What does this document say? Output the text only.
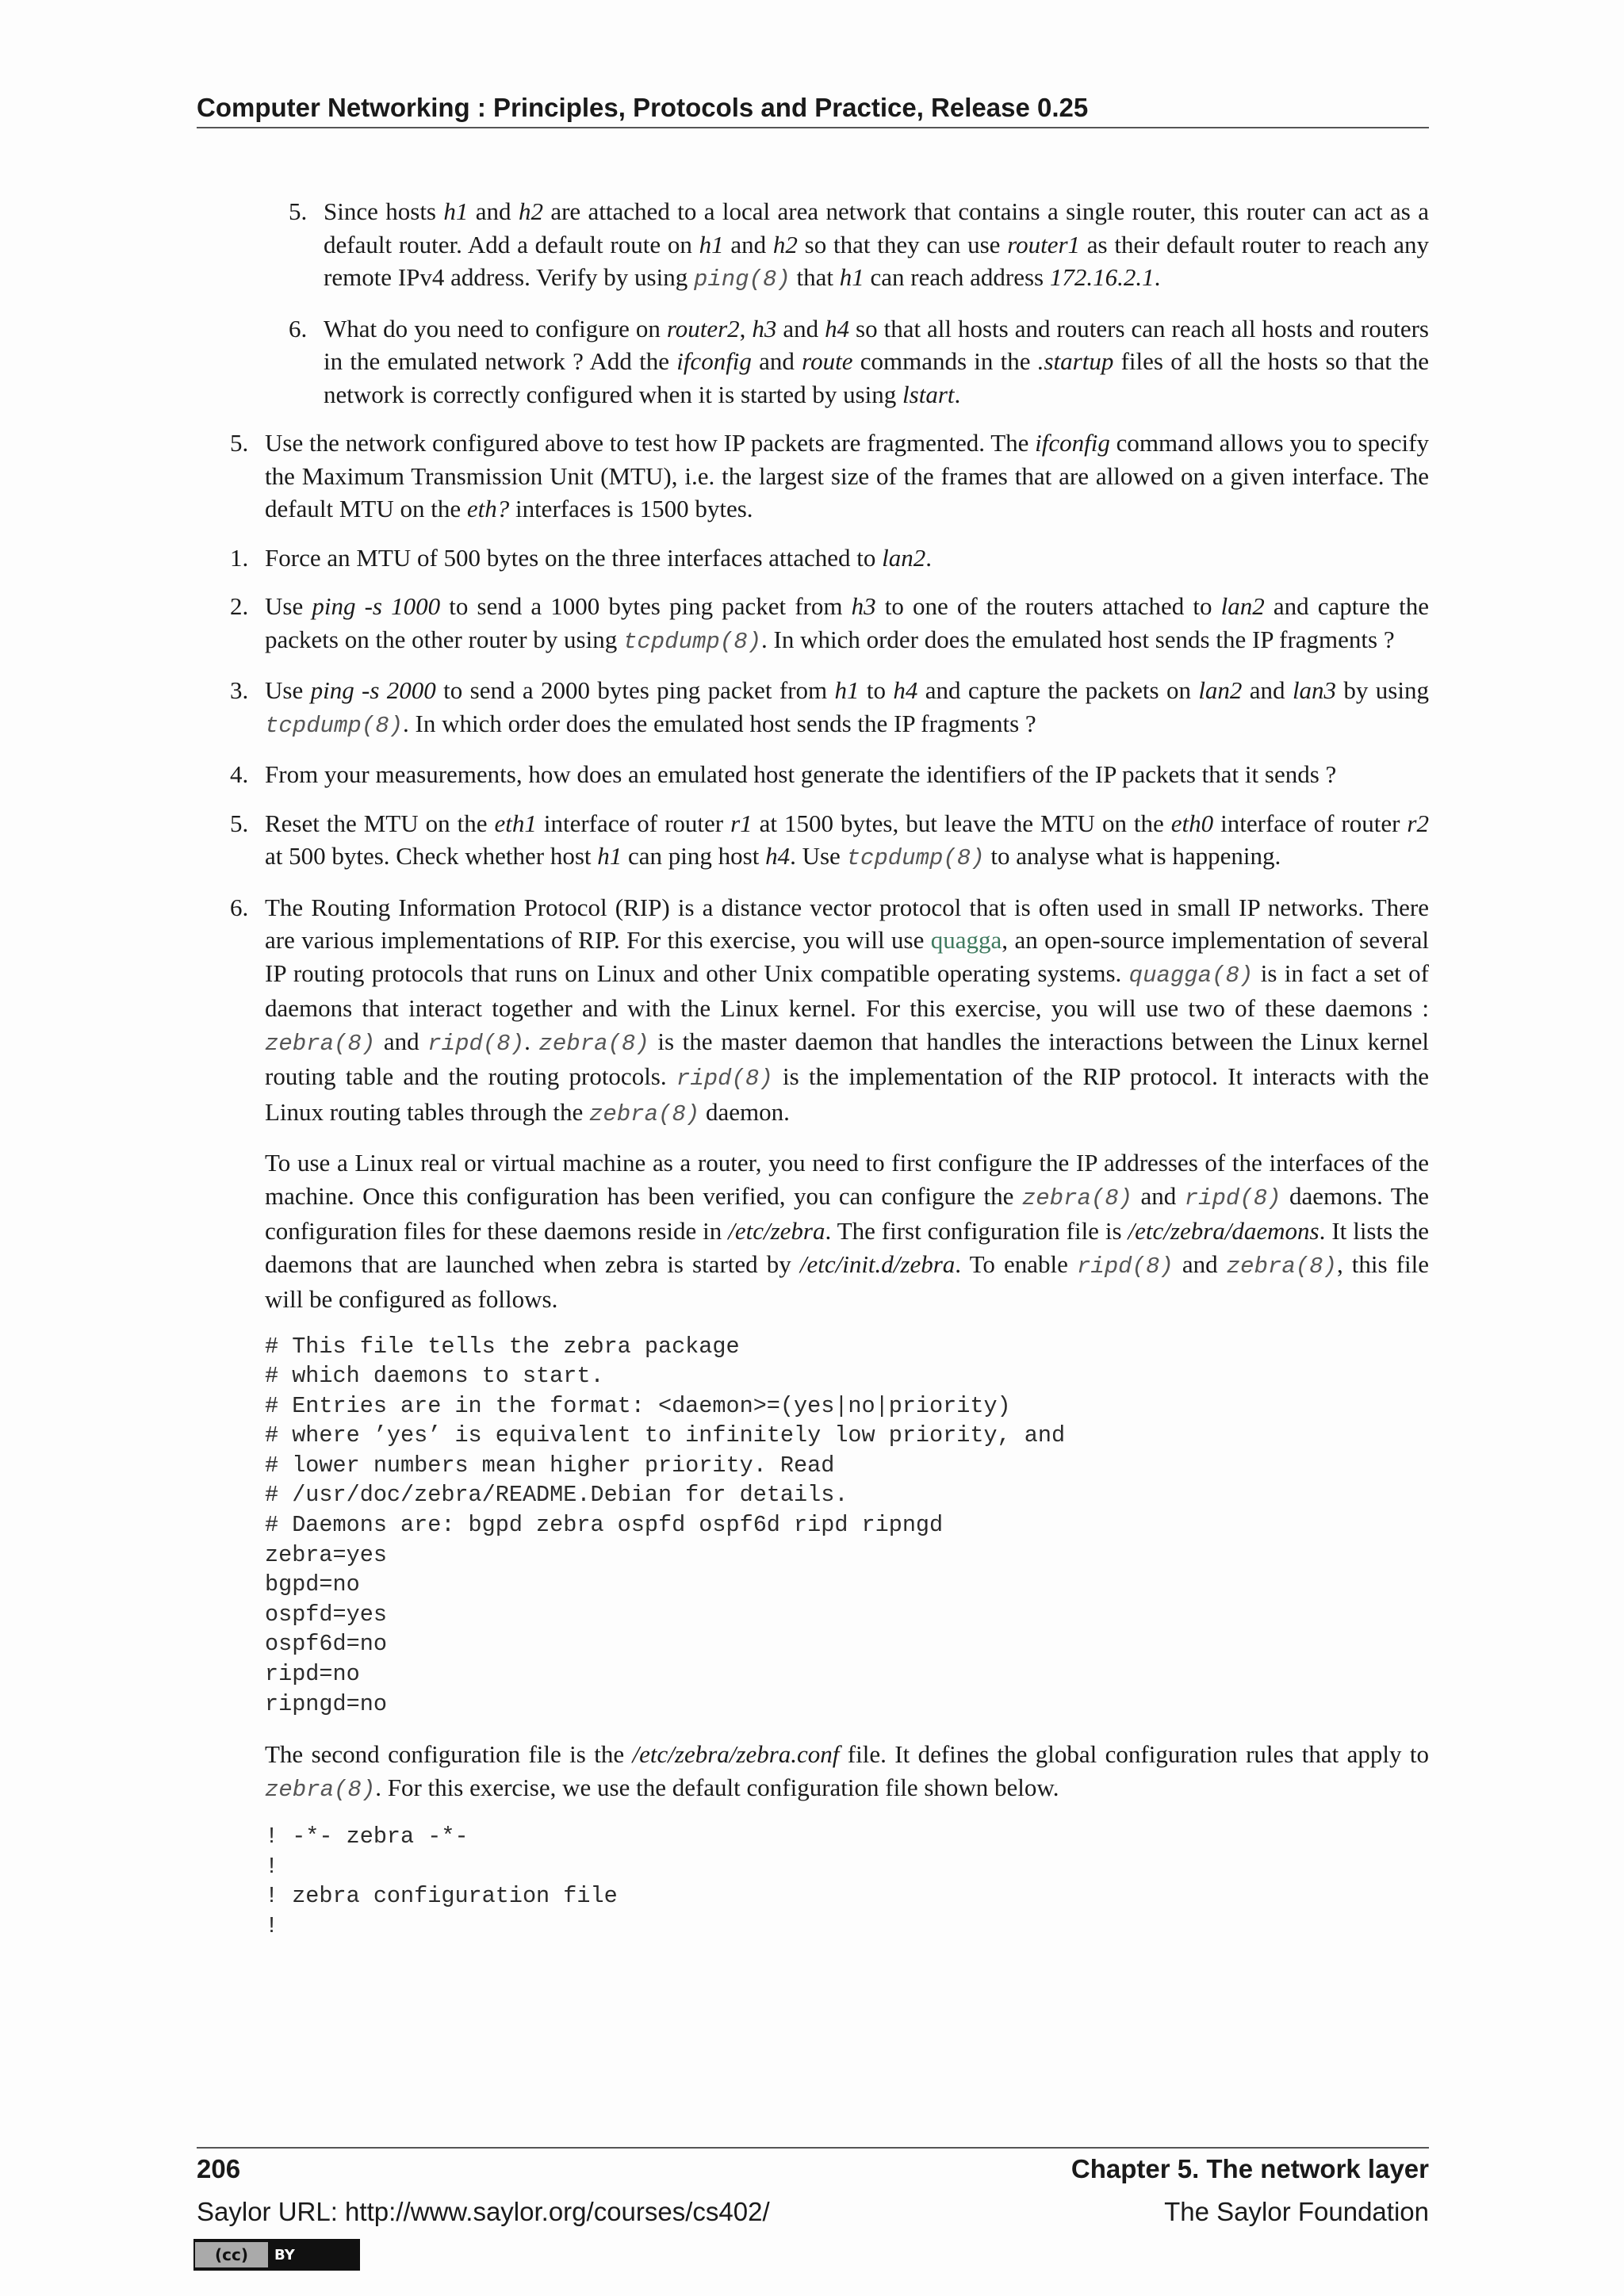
Computer Networking : Principles, Protocols and Practice, Release 0.25
5. Since hosts h1 and h2 are attached to a local area network that contains a single router, this router can act as a default router. Add a default route on h1 and h2 so that they can use router1 as their default router to reach any remote IPv4 address. Verify by using ping(8) that h1 can reach address 172.16.2.1.
6. What do you need to configure on router2, h3 and h4 so that all hosts and routers can reach all hosts and routers in the emulated network ? Add the ifconfig and route commands in the .startup files of all the hosts so that the network is correctly configured when it is started by using lstart.
5. Use the network configured above to test how IP packets are fragmented. The ifconfig command allows you to specify the Maximum Transmission Unit (MTU), i.e. the largest size of the frames that are allowed on a given interface. The default MTU on the eth? interfaces is 1500 bytes.
1. Force an MTU of 500 bytes on the three interfaces attached to lan2.
2. Use ping -s 1000 to send a 1000 bytes ping packet from h3 to one of the routers attached to lan2 and capture the packets on the other router by using tcpdump(8). In which order does the emulated host sends the IP fragments ?
3. Use ping -s 2000 to send a 2000 bytes ping packet from h1 to h4 and capture the packets on lan2 and lan3 by using tcpdump(8). In which order does the emulated host sends the IP fragments ?
4. From your measurements, how does an emulated host generate the identifiers of the IP packets that it sends ?
5. Reset the MTU on the eth1 interface of router r1 at 1500 bytes, but leave the MTU on the eth0 interface of router r2 at 500 bytes. Check whether host h1 can ping host h4. Use tcpdump(8) to analyse what is happening.
6. The Routing Information Protocol (RIP) is a distance vector protocol that is often used in small IP networks. There are various implementations of RIP. For this exercise, you will use quagga, an open-source implementation of several IP routing protocols that runs on Linux and other Unix compatible operating systems. quagga(8) is in fact a set of daemons that interact together and with the Linux kernel. For this exercise, you will use two of these daemons : zebra(8) and ripd(8). zebra(8) is the master daemon that handles the interactions between the Linux kernel routing table and the routing protocols. ripd(8) is the implementation of the RIP protocol. It interacts with the Linux routing tables through the zebra(8) daemon.
To use a Linux real or virtual machine as a router, you need to first configure the IP addresses of the interfaces of the machine. Once this configuration has been verified, you can configure the zebra(8) and ripd(8) daemons. The configuration files for these daemons reside in /etc/zebra. The first configuration file is /etc/zebra/daemons. It lists the daemons that are launched when zebra is started by /etc/init.d/zebra. To enable ripd(8) and zebra(8), this file will be configured as follows.
# This file tells the zebra package
# which daemons to start.
# Entries are in the format: <daemon>=(yes|no|priority)
# where ’yes’ is equivalent to infinitely low priority, and
# lower numbers mean higher priority. Read
# /usr/doc/zebra/README.Debian for details.
# Daemons are: bgpd zebra ospfd ospf6d ripd ripngd
zebra=yes
bgpd=no
ospfd=yes
ospf6d=no
ripd=no
ripngd=no
The second configuration file is the /etc/zebra/zebra.conf file. It defines the global configuration rules that apply to zebra(8). For this exercise, we use the default configuration file shown below.
! -*- zebra -*-
!
! zebra configuration file
!
206	Chapter 5. The network layer
Saylor URL: http://www.saylor.org/courses/cs402/	The Saylor Foundation
(cc)	BY
